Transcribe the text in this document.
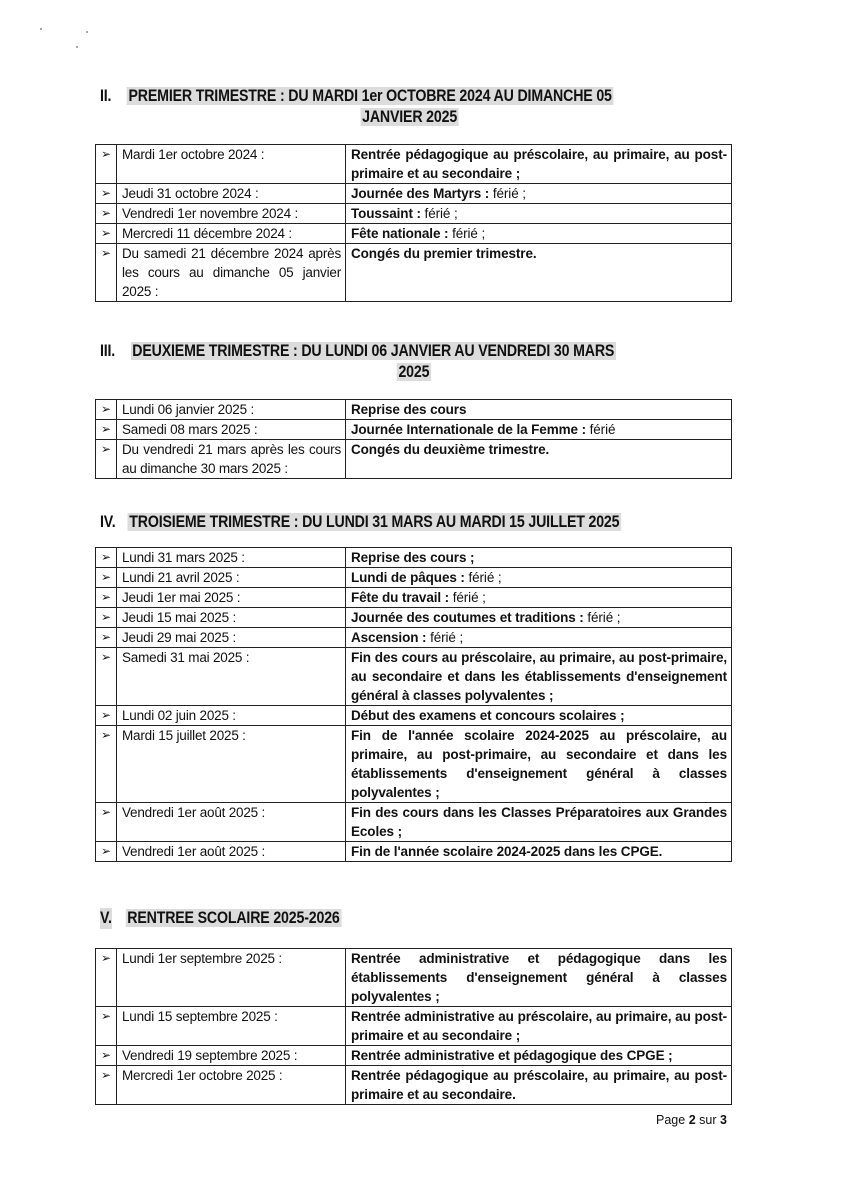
II. PREMIER TRIMESTRE : DU MARDI 1er OCTOBRE 2024 AU DIMANCHE 05
JANVIER 2025
➢	Mardi 1er octobre 2024 :	Rentrée pédagogique au préscolaire, au primaire, au post-primaire et au secondaire ;
➢	Jeudi 31 octobre 2024 :	Journée des Martyrs : férié ;
➢	Vendredi 1er novembre 2024 :	Toussaint : férié ;
➢	Mercredi 11 décembre 2024 :	Fête nationale : férié ;
➢	Du samedi 21 décembre 2024 après les cours au dimanche 05 janvier 2025 :	Congés du premier trimestre.
III. DEUXIEME TRIMESTRE : DU LUNDI 06 JANVIER AU VENDREDI 30 MARS
2025
➢	Lundi 06 janvier 2025 :	Reprise des cours
➢	Samedi 08 mars 2025 :	Journée Internationale de la Femme : férié
➢	Du vendredi 21 mars après les cours au dimanche 30 mars 2025 :	Congés du deuxième trimestre.
IV. TROISIEME TRIMESTRE : DU LUNDI 31 MARS AU MARDI 15 JUILLET 2025
➢	Lundi 31 mars 2025 :	Reprise des cours ;
➢	Lundi 21 avril 2025 :	Lundi de pâques : férié ;
➢	Jeudi 1er mai 2025 :	Fête du travail : férié ;
➢	Jeudi 15 mai 2025 :	Journée des coutumes et traditions : férié ;
➢	Jeudi 29 mai 2025 :	Ascension : férié ;
➢	Samedi 31 mai 2025 :	Fin des cours au préscolaire, au primaire, au post-primaire, au secondaire et dans les établissements d'enseignement général à classes polyvalentes ;
➢	Lundi 02 juin 2025 :	Début des examens et concours scolaires ;
➢	Mardi 15 juillet 2025 :	Fin de l'année scolaire 2024-2025 au préscolaire, au primaire, au post-primaire, au secondaire et dans les établissements d'enseignement général à classes polyvalentes ;
➢	Vendredi 1er août 2025 :	Fin des cours dans les Classes Préparatoires aux Grandes Ecoles ;
➢	Vendredi 1er août 2025 :	Fin de l'année scolaire 2024-2025 dans les CPGE.
V. RENTREE SCOLAIRE 2025-2026
➢	Lundi 1er septembre 2025 :	Rentrée administrative et pédagogique dans les établissements d'enseignement général à classes polyvalentes ;
➢	Lundi 15 septembre 2025 :	Rentrée administrative au préscolaire, au primaire, au post-primaire et au secondaire ;
➢	Vendredi 19 septembre 2025 :	Rentrée administrative et pédagogique des CPGE ;
➢	Mercredi 1er octobre 2025 :	Rentrée pédagogique au préscolaire, au primaire, au post-primaire et au secondaire.
Page 2 sur 3
